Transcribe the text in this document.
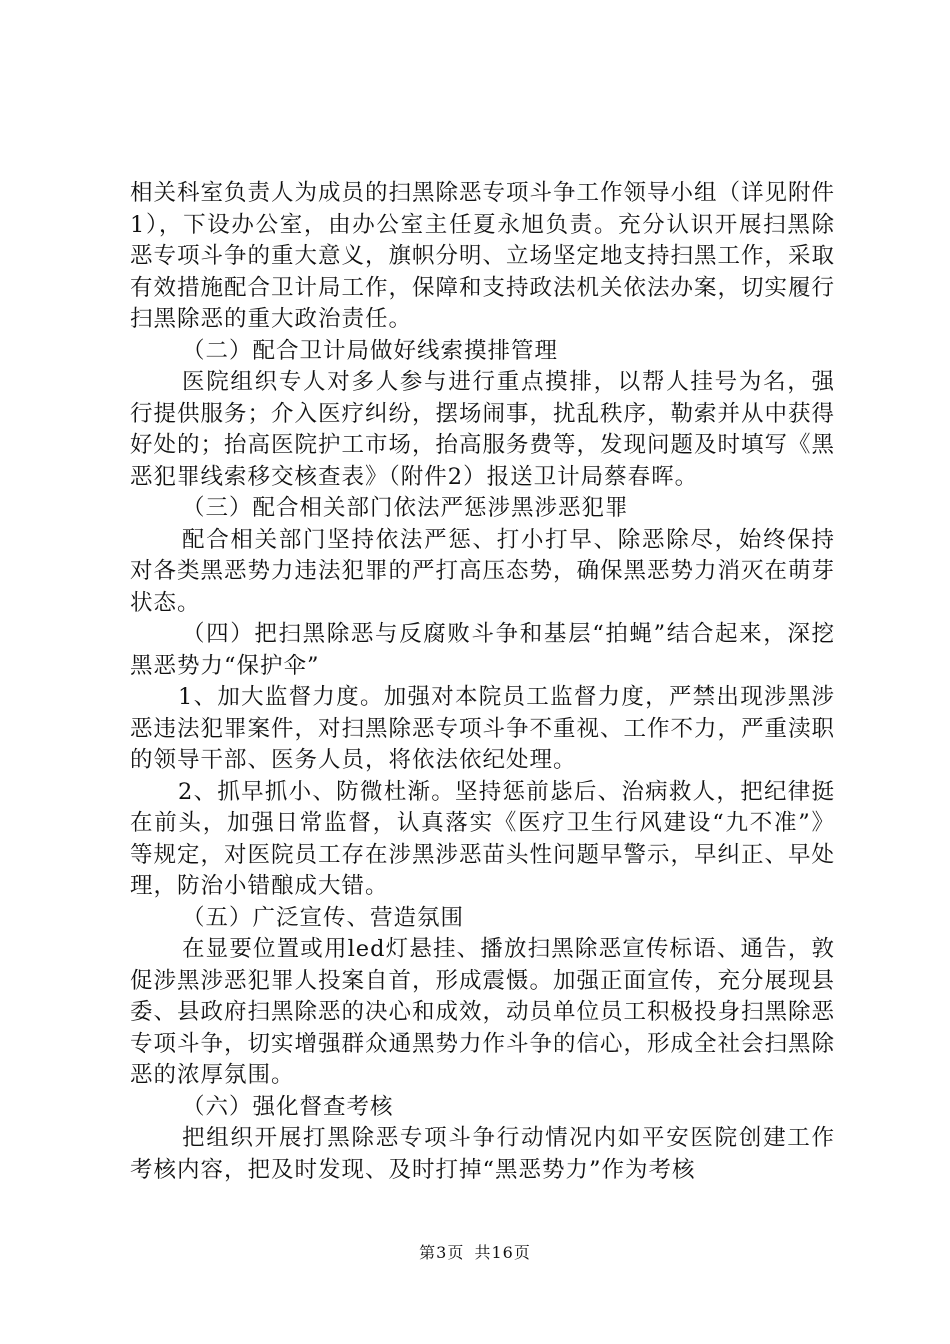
相关科室负责人为成员的扫黑除恶专项斗争工作领导小组（详见附件1），下设办公室，由办公室主任夏永旭负责。充分认识开展扫黑除恶专项斗争的重大意义，旗帜分明、立场坚定地支持扫黑工作，采取有效措施配合卫计局工作，保障和支持政法机关依法办案，切实履行扫黑除恶的重大政治责任。

（二）配合卫计局做好线索摸排管理

医院组织专人对多人参与进行重点摸排，以帮人挂号为名，强行提供服务；介入医疗纠纷，摆场闹事，扰乱秩序，勒索并从中获得好处的；抬高医院护工市场，抬高服务费等，发现问题及时填写《黑恶犯罪线索移交核查表》（附件2）报送卫计局蔡春晖。

（三）配合相关部门依法严惩涉黑涉恶犯罪

配合相关部门坚持依法严惩、打小打早、除恶除尽，始终保持对各类黑恶势力违法犯罪的严打高压态势，确保黑恶势力消灭在萌芽状态。

（四）把扫黑除恶与反腐败斗争和基层“拍蝇”结合起来，深挖黑恶势力“保护伞”

1、加大监督力度。加强对本院员工监督力度，严禁出现涉黑涉恶违法犯罪案件，对扫黑除恶专项斗争不重视、工作不力，严重渎职的领导干部、医务人员，将依法依纪处理。

2、抓早抓小、防微杜渐。坚持惩前毖后、治病救人，把纪律挺在前头，加强日常监督，认真落实《医疗卫生行风建设“九不准”》等规定，对医院员工存在涉黑涉恶苗头性问题早警示，早纠正、早处理，防治小错酿成大错。

（五）广泛宣传、营造氛围

在显要位置或用led灯悬挂、播放扫黑除恶宣传标语、通告，敦促涉黑涉恶犯罪人投案自首，形成震慑。加强正面宣传，充分展现县委、县政府扫黑除恶的决心和成效，动员单位员工积极投身扫黑除恶专项斗争，切实增强群众通黑势力作斗争的信心，形成全社会扫黑除恶的浓厚氛围。

（六）强化督查考核

把组织开展打黑除恶专项斗争行动情况内如平安医院创建工作考核内容，把及时发现、及时打掉“黑恶势力”作为考核

第3页 共16页
